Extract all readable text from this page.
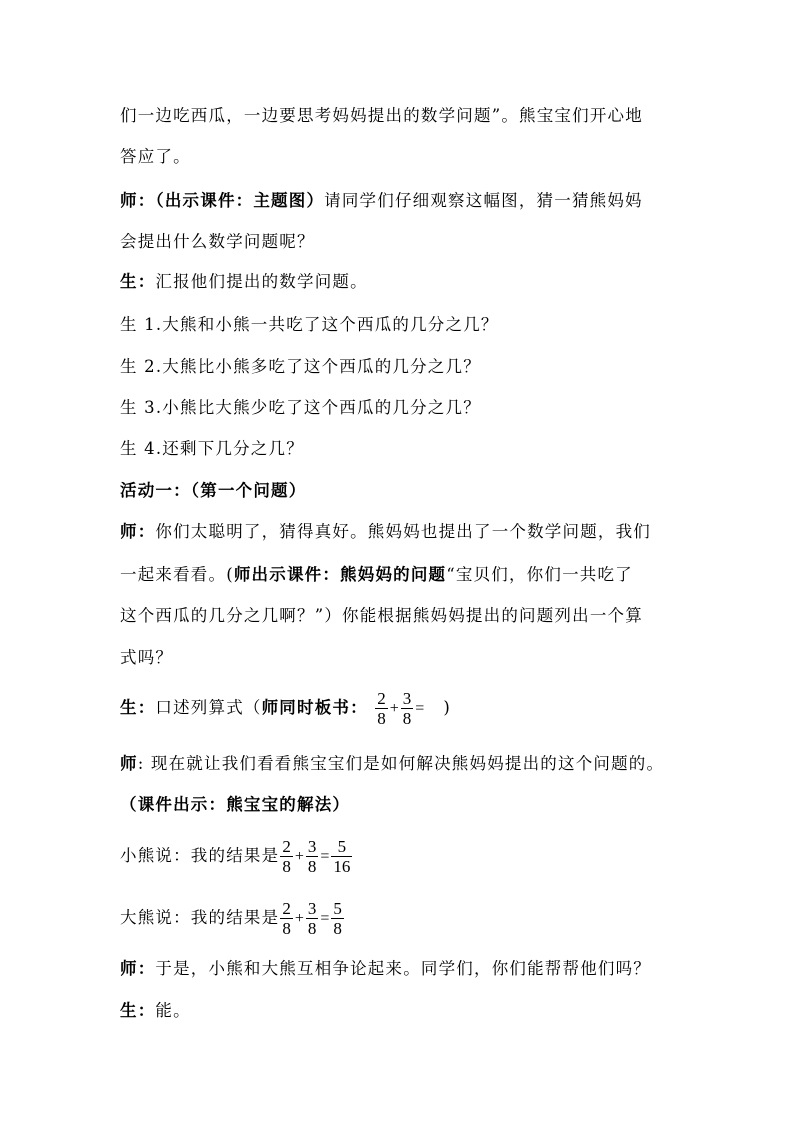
们一边吃西瓜，一边要思考妈妈提出的数学问题”。熊宝宝们开心地
答应了。
师：（出示课件：主题图）请同学们仔细观察这幅图，猜一猜熊妈妈
会提出什么数学问题呢？
生：汇报他们提出的数学问题。
生 1.大熊和小熊一共吃了这个西瓜的几分之几？
生 2.大熊比小熊多吃了这个西瓜的几分之几？
生 3.小熊比大熊少吃了这个西瓜的几分之几？
生 4.还剩下几分之几？
活动一：（第一个问题）
师：你们太聪明了，猜得真好。熊妈妈也提出了一个数学问题，我们
一起来看看。(师出示课件：熊妈妈的问题“宝贝们，你们一共吃了
这个西瓜的几分之几啊？”）你能根据熊妈妈提出的问题列出一个算
式吗？
生：口述列算式（师同时板书： $\frac{2}{8} + \frac{3}{8}$ = )
师: 现在就让我们看看熊宝宝们是如何解决熊妈妈提出的这个问题的。
（课件出示：熊宝宝的解法）
小熊说：我的结果是 $\frac{2}{8} + \frac{3}{8} = \frac{5}{16}$
大熊说：我的结果是 $\frac{2}{8} + \frac{3}{8} = \frac{5}{8}$
师：于是，小熊和大熊互相争论起来。同学们，你们能帮帮他们吗？
生：能。
